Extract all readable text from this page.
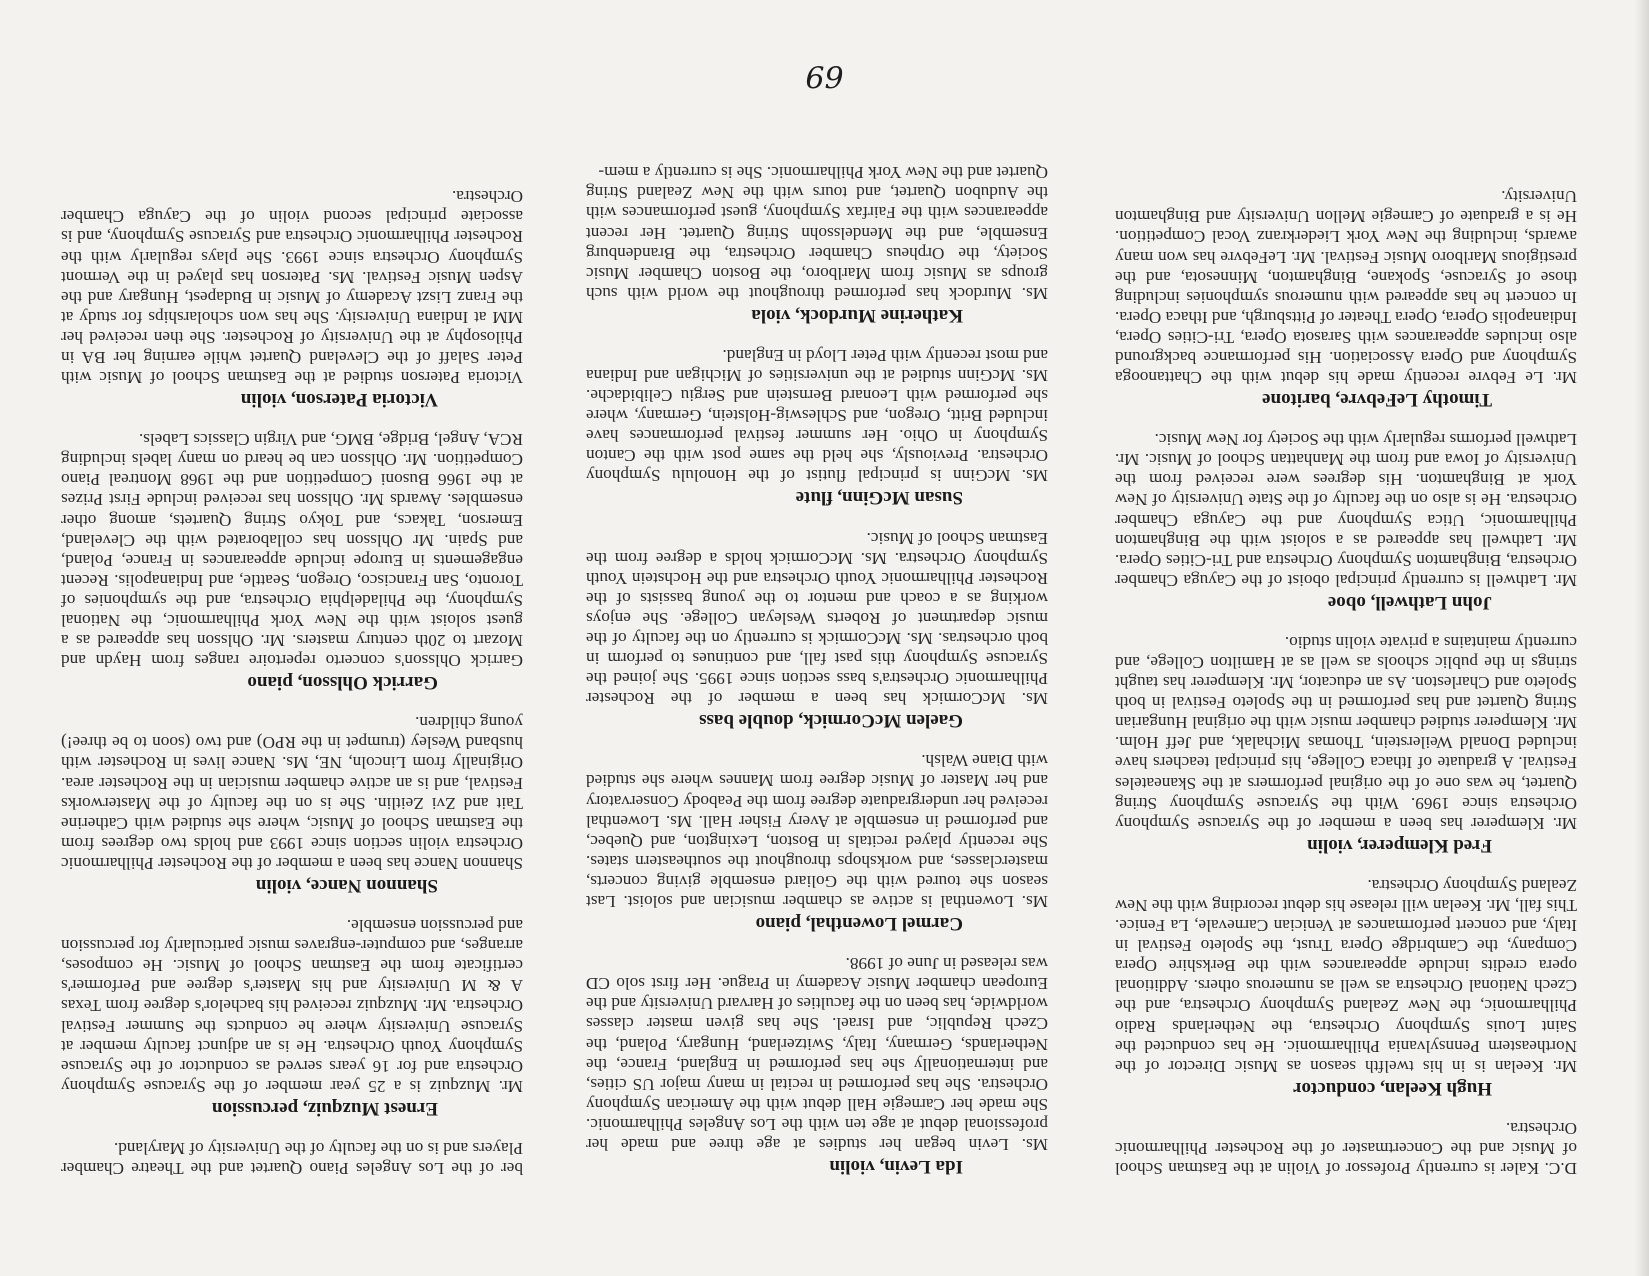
D.C. Kaler is currently Professor of Violin at the Eastman School of Music and the Concertmaster of the Rochester Philharmonic Orchestra.

Hugh Keelan, conductor

Mr. Keelan is in his twelfth season as Music Director of the Northeastern Pennsylvania Philharmonic. He has conducted the Saint Louis Symphony Orchestra, the Netherlands Radio Philharmonic, the New Zealand Symphony Orchestra, and the Czech National Orchestra as well as numerous others. Additional opera credits include appearances with the Berkshire Opera Company, the Cambridge Opera Trust, the Spoleto Festival in Italy, and concert performances at Venician Carnevale, La Fenice. This fall, Mr. Keelan will release his debut recording with the New Zealand Symphony Orchestra.

Fred Klemperer, violin

Mr. Klemperer has been a member of the Syracuse Symphony Orchestra since 1969. With the Syracuse Symphony String Quartet, he was one of the original performers at the Skaneateles Festival. A graduate of Ithaca College, his principal teachers have included Donald Weilerstein, Thomas Michalak, and Jeff Holm. Mr. Klemperer studied chamber music with the original Hungarian String Quartet and has performed in the Spoleto Festival in both Spoleto and Charleston. As an educator, Mr. Klemperer has taught strings in the public schools as well as at Hamilton College, and currently maintains a private violin studio.

John Lathwell, oboe

Mr. Lathwell is currently principal oboist of the Cayuga Chamber Orchestra, Binghamton Symphony Orchestra and Tri-Cities Opera. Mr. Lathwell has appeared as a soloist with the Binghamton Philharmonic, Utica Symphony and the Cayuga Chamber Orchestra. He is also on the faculty of the State University of New York at Binghamton. His degrees were received from the University of Iowa and from the Manhattan School of Music. Mr. Lathwell performs regularly with the Society for New Music.

Timothy LeFebvre, baritone

Mr. Le Febvre recently made his debut with the Chattanooga Symphony and Opera Association. His performance background also includes appearances with Sarasota Opera, Tri-Cities Opera, Indianapolis Opera, Opera Theater of Pittsburgh, and Ithaca Opera. In concert he has appeared with numerous symphonies including those of Syracuse, Spokane, Binghamton, Minnesota, and the prestigious Marlboro Music Festival. Mr. LeFebvre has won many awards, including the New York Liederkranz Vocal Competition. He is a graduate of Carnegie Mellon University and Binghamton University.

Ida Levin, violin

Ms. Levin began her studies at age three and made her professional debut at age ten with the Los Angeles Philharmonic. She made her Carnegie Hall debut with the American Symphony Orchestra. She has performed in recital in many major US cities, and internationally she has performed in England, France, the Netherlands, Germany, Italy, Switzerland, Hungary, Poland, the Czech Republic, and Israel. She has given master classes worldwide, has been on the faculties of Harvard University and the European chamber Music Academy in Prague. Her first solo CD was released in June of 1998.

Carmel Lowenthal, piano

Ms. Lowenthal is active as chamber musician and soloist. Last season she toured with the Goliard ensemble giving concerts, masterclasses, and workshops throughout the southeastern states. She recently played recitals in Boston, Lexington, and Quebec, and performed in ensemble at Avery Fisher Hall. Ms. Lowenthal received her undergraduate degree from the Peabody Conservatory and her Master of Music degree from Mannes where she studied with Diane Walsh.

Gaelen McCormick, double bass

Ms. McCormick has been a member of the Rochester Philharmonic Orchestra's bass section since 1995. She joined the Syracuse Symphony this past fall, and continues to perform in both orchestras. Ms. McCormick is currently on the faculty of the music department of Roberts Wesleyan College. She enjoys working as a coach and mentor to the young bassists of the Rochester Philharmonic Youth Orchestra and the Hochstein Youth Symphony Orchestra. Ms. McCormick holds a degree from the Eastman School of Music.

Susan McGinn, flute

Ms. McGinn is principal flutist of the Honolulu Symphony Orchestra. Previously, she held the same post with the Canton Symphony in Ohio. Her summer festival performances have included Britt, Oregon, and Schleswig-Holstein, Germany, where she performed with Leonard Bernstein and Sergiu Celibidache. Ms. McGinn studied at the universities of Michigan and Indiana and most recently with Peter Lloyd in England.

Katherine Murdock, viola

Ms. Murdock has performed throughout the world with such groups as Music from Marlboro, the Boston Chamber Music Society, the Orpheus Chamber Orchestra, the Brandenburg Ensemble, and the Mendelssohn String Quartet. Her recent appearances with the Fairfax Symphony, guest performances with the Audubon Quartet, and tours with the New Zealand String Quartet and the New York Philharmonic. She is currently a mem-

ber of the Los Angeles Piano Quartet and the Theatre Chamber Players and is on the faculty of the University of Maryland.

Ernest Muzquiz, percussion

Mr. Muzquiz is a 25 year member of the Syracuse Symphony Orchestra and for 16 years served as conductor of the Syracuse Symphony Youth Orchestra. He is an adjunct faculty member at Syracuse University where he conducts the Summer Festival Orchestra. Mr. Muzquiz received his bachelor's degree from Texas A & M University and his Master's degree and Performer's certificate from the Eastman School of Music. He composes, arranges, and computer-engraves music particularly for percussion and percussion ensemble.

Shannon Nance, violin

Shannon Nance has been a member of the Rochester Philharmonic Orchestra violin section since 1993 and holds two degrees from the Eastman School of Music, where she studied with Catherine Tait and Zvi Zeitlin. She is on the faculty of the Masterworks Festival, and is an active chamber musician in the Rochester area. Originally from Lincoln, NE, Ms. Nance lives in Rochester with husband Wesley (trumpet in the RPO) and two (soon to be three!) young children.

Garrick Ohlsson, piano

Garrick Ohlsson's concerto repertoire ranges from Haydn and Mozart to 20th century masters. Mr. Ohlsson has appeared as a guest soloist with the New York Philharmonic, the National Symphony, the Philadelphia Orchestra, and the symphonies of Toronto, San Francisco, Oregon, Seattle, and Indianapolis. Recent engagements in Europe include appearances in France, Poland, and Spain. Mr Ohlsson has collaborated with the Cleveland, Emerson, Takacs, and Tokyo String Quartets, among other ensembles. Awards Mr. Ohlsson has received include First Prizes at the 1966 Busoni Competition and the 1968 Montreal Piano Competition. Mr. Ohlsson can be heard on many labels including RCA, Angel, Bridge, BMG, and Virgin Classics Labels.

Victoria Paterson, violin

Victoria Paterson studied at the Eastman School of Music with Peter Salaff of the Cleveland Quartet while earning her BA in Philosophy at the University of Rochester. She then received her MM at Indiana University. She has won scholarships for study at the Franz Liszt Academy of Music in Budapest, Hungary and the Aspen Music Festival. Ms. Paterson has played in the Vermont Symphony Orchestra since 1993. She plays regularly with the Rochester Philharmonic Orchestra and Syracuse Symphony, and is associate principal second violin of the Cayuga Chamber Orchestra.

69
